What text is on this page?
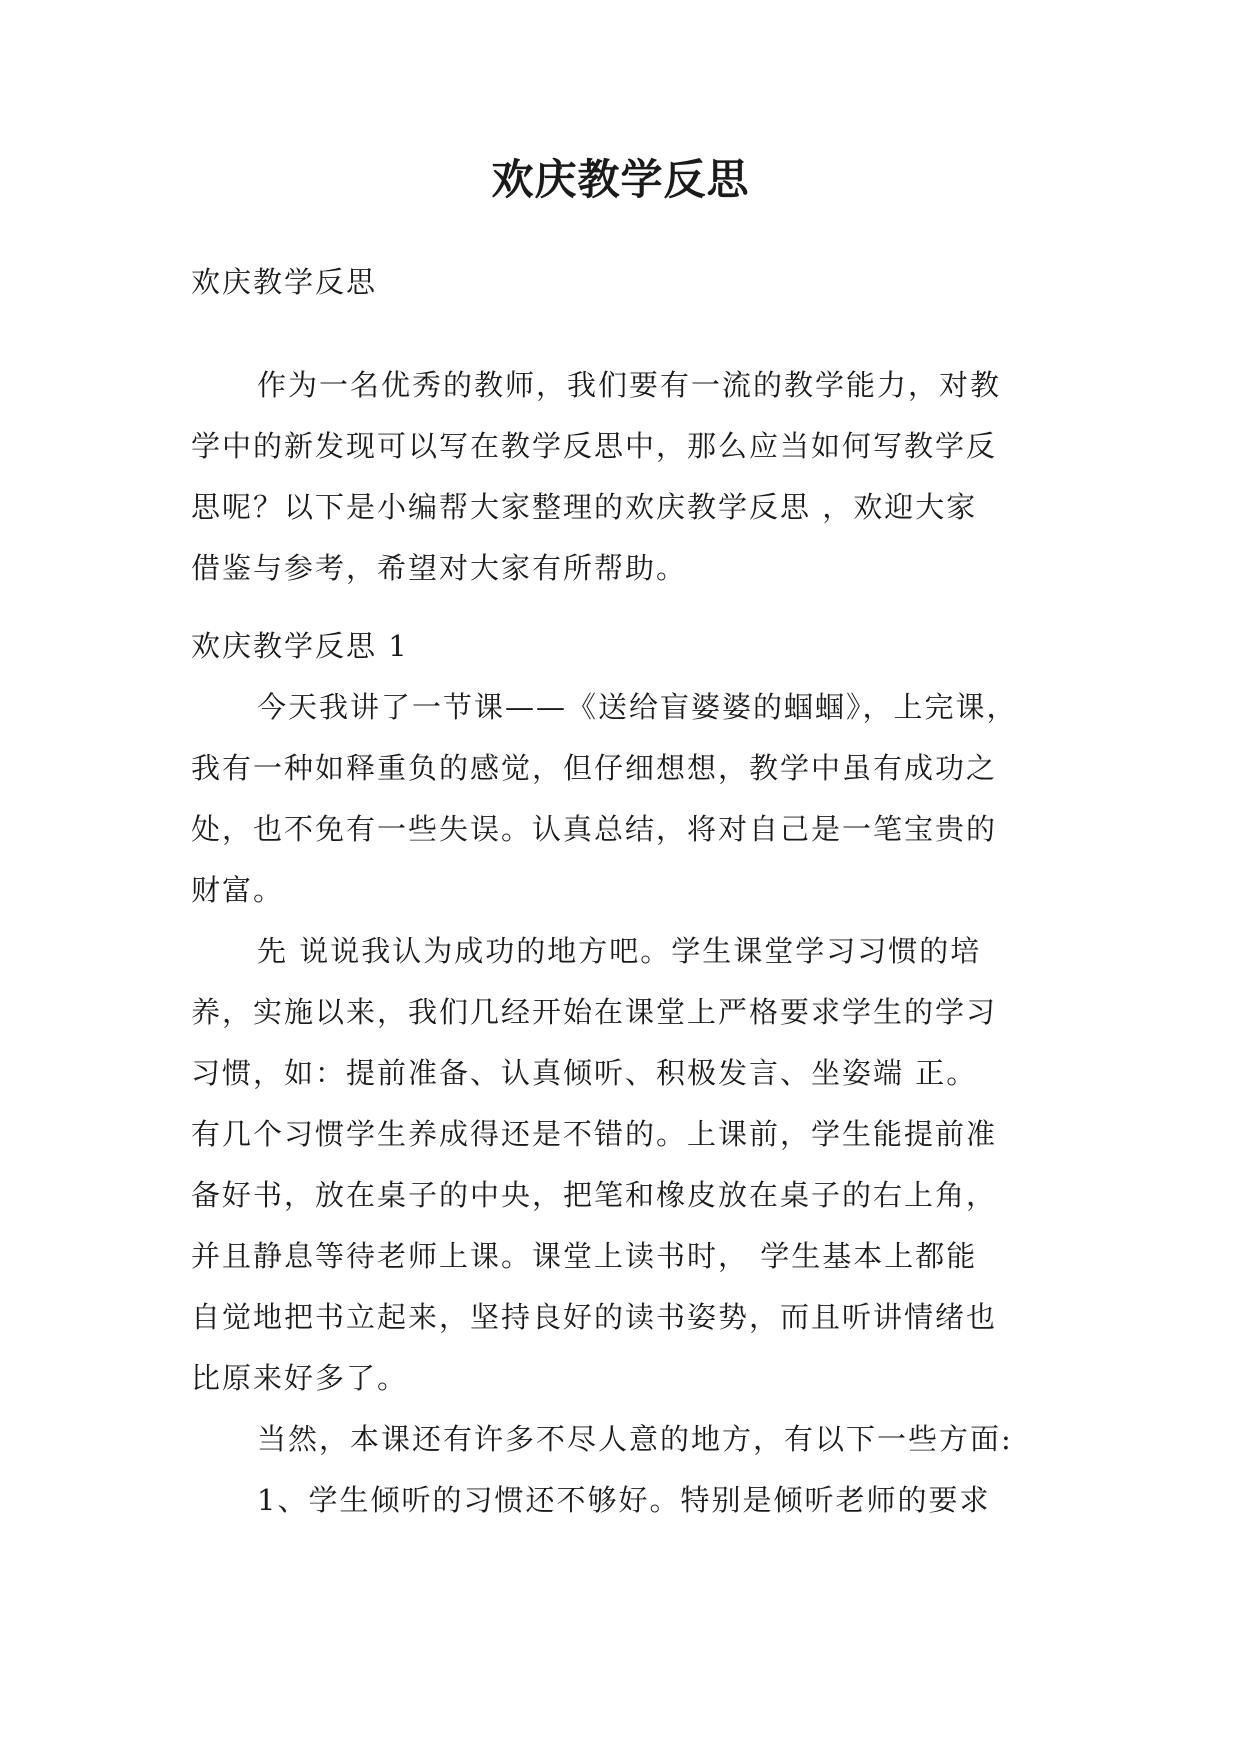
欢庆教学反思
欢庆教学反思
作为一名优秀的教师，我们要有一流的教学能力，对教
学中的新发现可以写在教学反思中，那么应当如何写教学反
思呢？以下是小编帮大家整理的欢庆教学反思 ，欢迎大家
借鉴与参考，希望对大家有所帮助。
欢庆教学反思 1
今天我讲了一节课——《送给盲婆婆的蝈蝈》，上完课，
我有一种如释重负的感觉，但仔细想想，教学中虽有成功之
处，也不免有一些失误。认真总结，将对自己是一笔宝贵的
财富。
先 说说我认为成功的地方吧。学生课堂学习习惯的培
养，实施以来，我们几经开始在课堂上严格要求学生的学习
习惯，如：提前准备、认真倾听、积极发言、坐姿端 正。
有几个习惯学生养成得还是不错的。上课前，学生能提前准
备好书，放在桌子的中央，把笔和橡皮放在桌子的右上角，
并且静息等待老师上课。课堂上读书时， 学生基本上都能
自觉地把书立起来，坚持良好的读书姿势，而且听讲情绪也
比原来好多了。
当然，本课还有许多不尽人意的地方，有以下一些方面:
1、学生倾听的习惯还不够好。特别是倾听老师的要求
